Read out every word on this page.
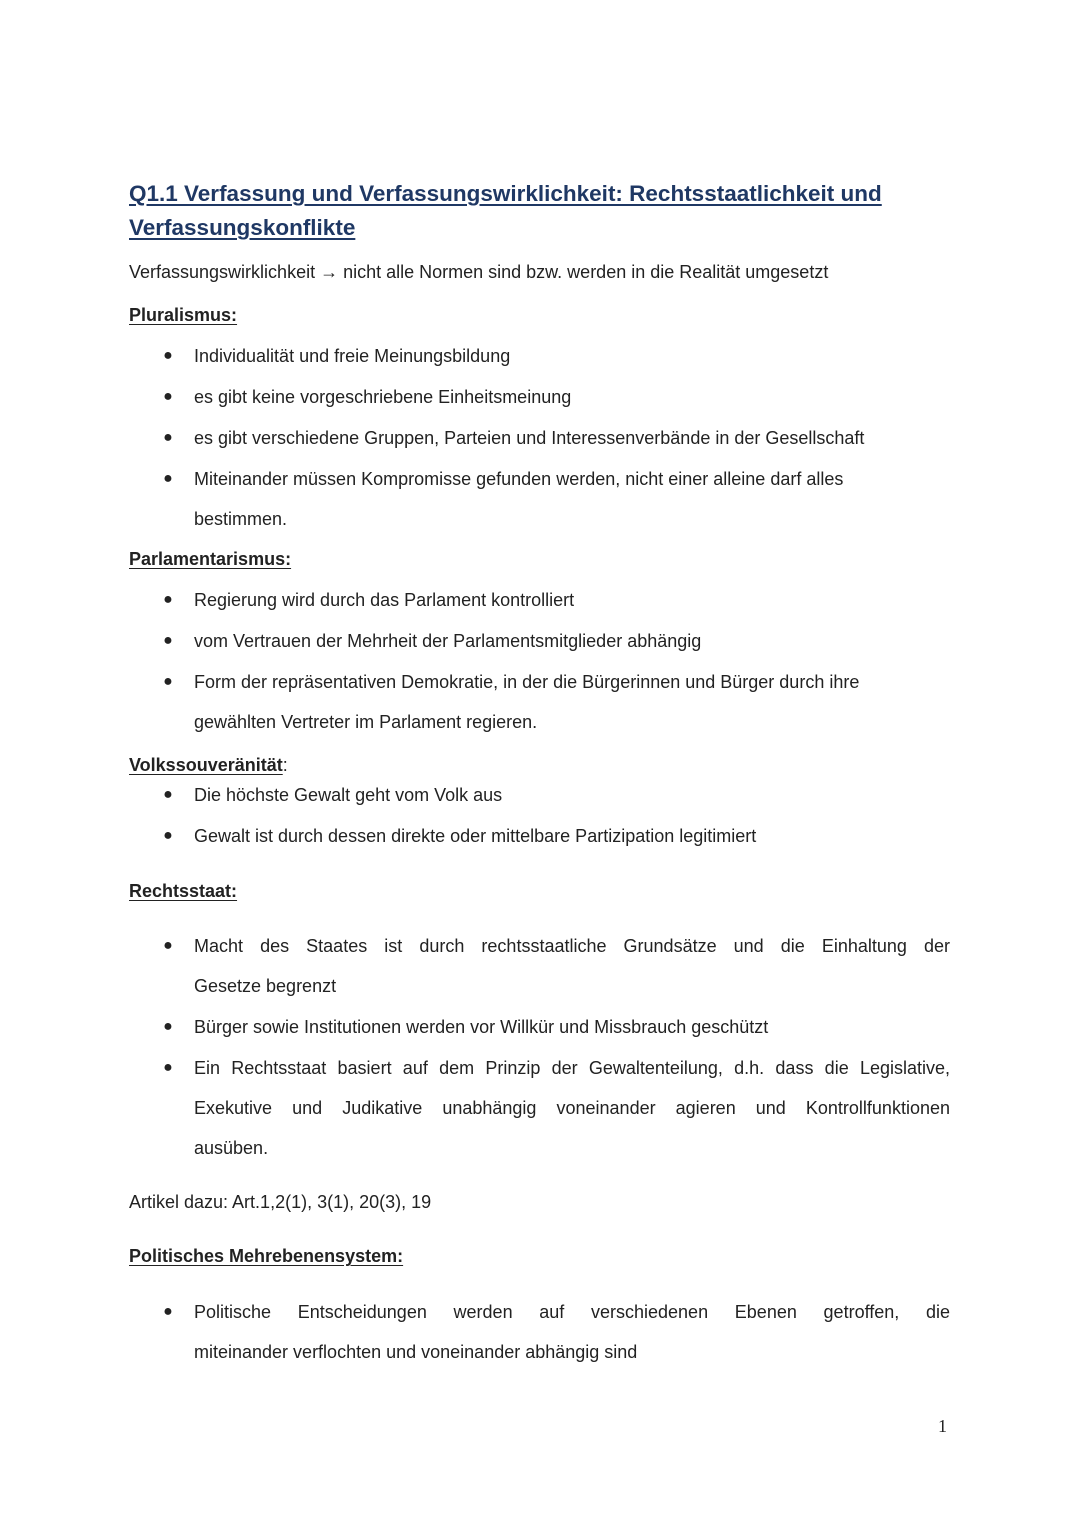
Q1.1 Verfassung und Verfassungswirklichkeit: Rechtsstaatlichkeit und
Verfassungskonflikte

Verfassungswirklichkeit → nicht alle Normen sind bzw. werden in die Realität umgesetzt

Pluralismus:

● Individualität und freie Meinungsbildung

● es gibt keine vorgeschriebene Einheitsmeinung

● es gibt verschiedene Gruppen, Parteien und Interessenverbände in der Gesellschaft

● Miteinander müssen Kompromisse gefunden werden, nicht einer alleine darf alles

bestimmen.

Parlamentarismus:

● Regierung wird durch das Parlament kontrolliert

● vom Vertrauen der Mehrheit der Parlamentsmitglieder abhängig

● Form der repräsentativen Demokratie, in der die Bürgerinnen und Bürger durch ihre

gewählten Vertreter im Parlament regieren.

Volkssouveränität:

● Die höchste Gewalt geht vom Volk aus

● Gewalt ist durch dessen direkte oder mittelbare Partizipation legitimiert

Rechtsstaat:

● Macht des Staates ist durch rechtsstaatliche Grundsätze und die Einhaltung der

Gesetze begrenzt

● Bürger sowie Institutionen werden vor Willkür und Missbrauch geschützt

● Ein Rechtsstaat basiert auf dem Prinzip der Gewaltenteilung, d.h. dass die Legislative,

Exekutive und Judikative unabhängig voneinander agieren und Kontrollfunktionen

ausüben.

Artikel dazu: Art.1,2(1), 3(1), 20(3), 19

Politisches Mehrebenensystem:

● Politische Entscheidungen werden auf verschiedenen Ebenen getroffen, die

miteinander verflochten und voneinander abhängig sind

1
